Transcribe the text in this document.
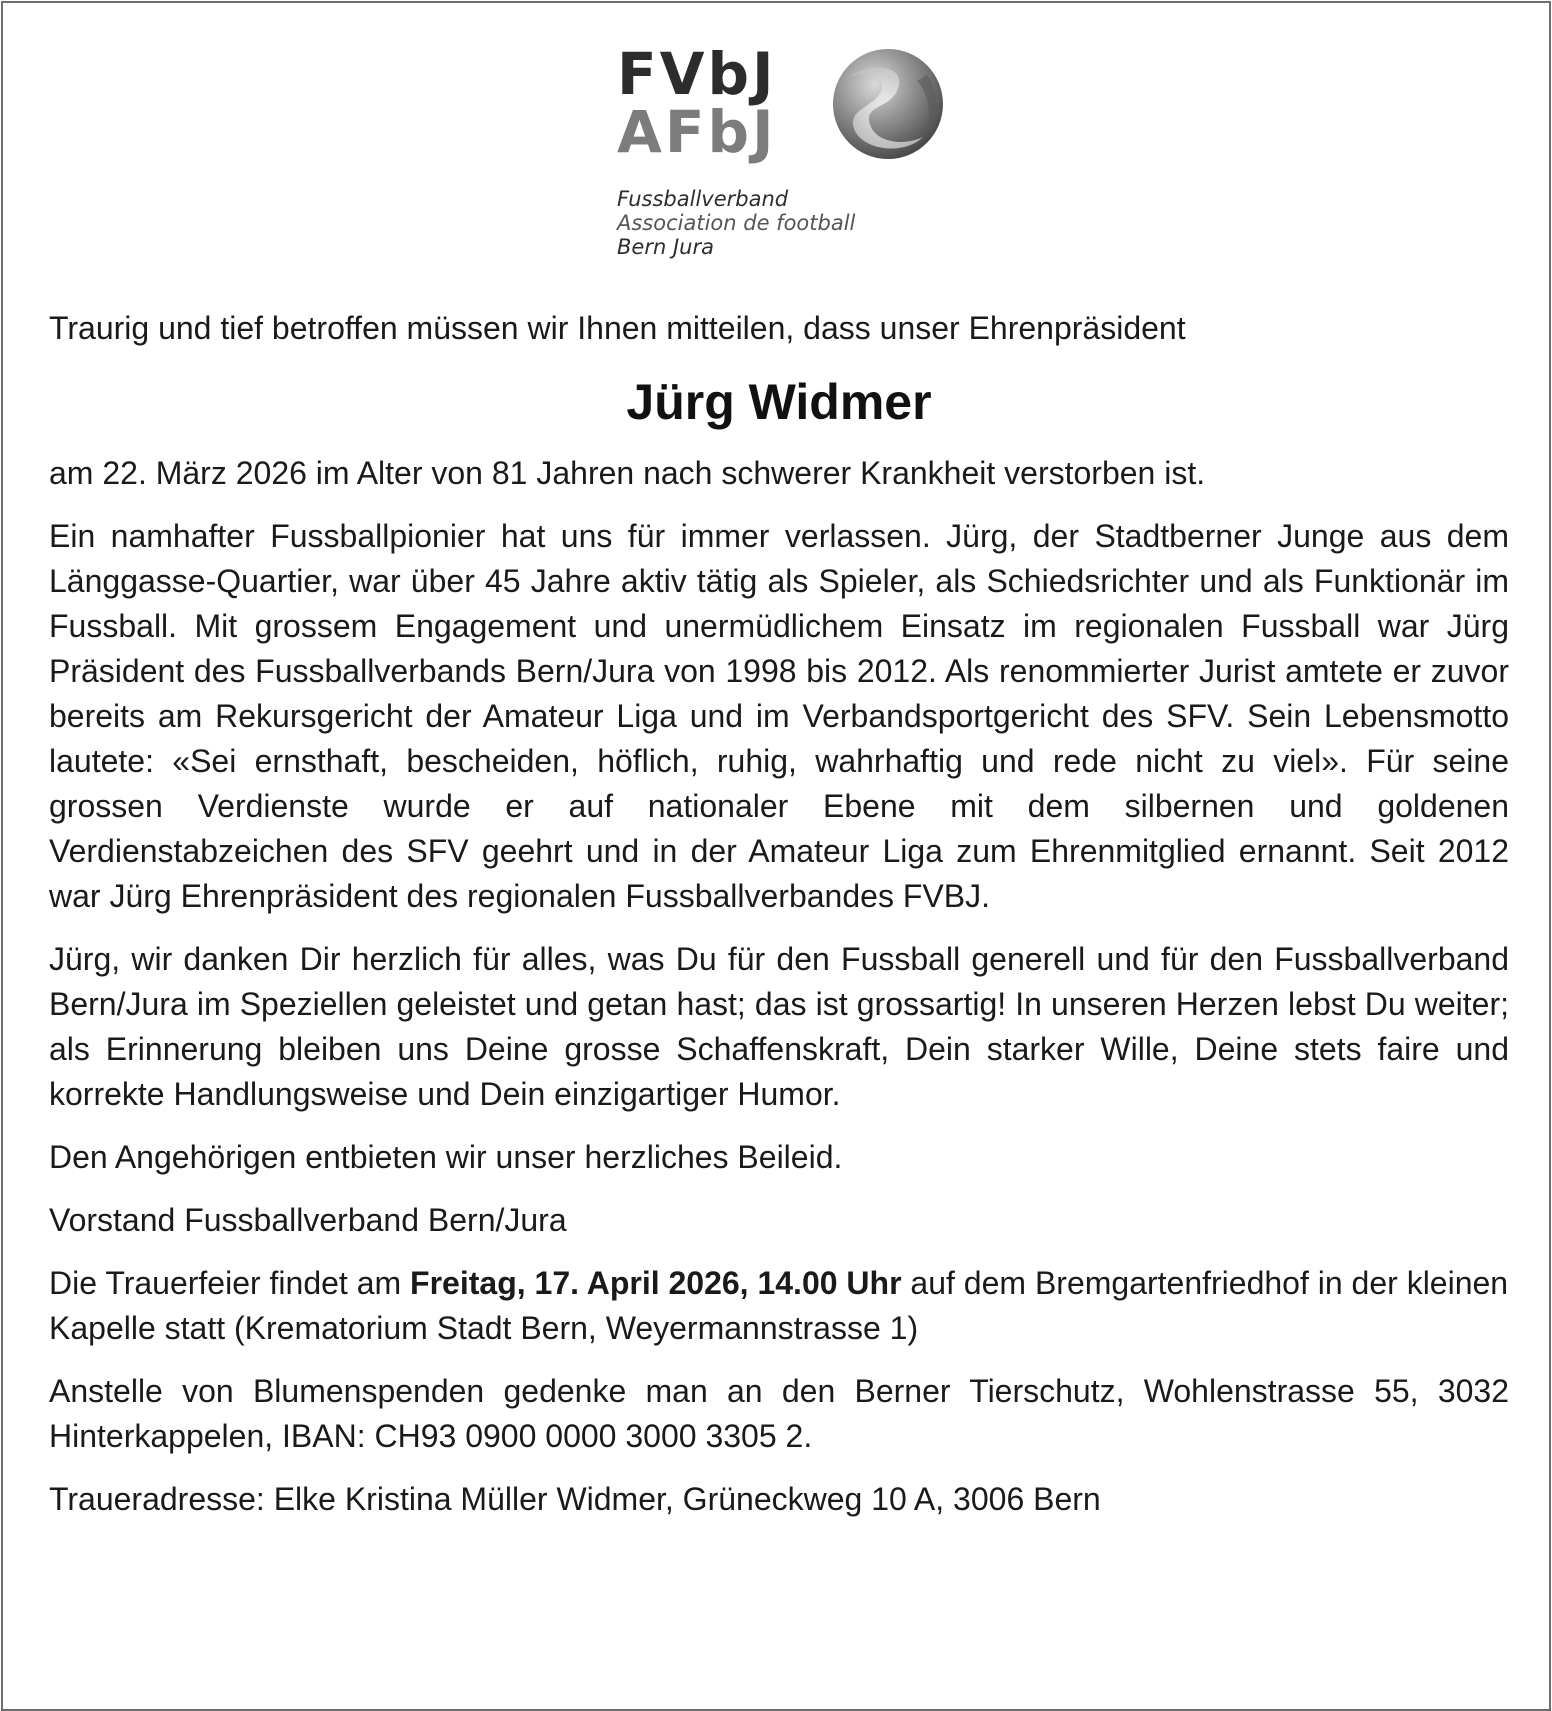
FVbJ
AFbJ
Fussballverband
Association de football
Bern Jura

Traurig und tief betroffen müssen wir Ihnen mitteilen, dass unser Ehrenpräsident

Jürg Widmer

am 22. März 2026 im Alter von 81 Jahren nach schwerer Krankheit verstorben ist.

Ein namhafter Fussballpionier hat uns für immer verlassen. Jürg, der Stadtberner Junge aus dem Länggasse-Quartier, war über 45 Jahre aktiv tätig als Spieler, als Schiedsrichter und als Funktionär im Fussball. Mit grossem Engagement und unermüdlichem Einsatz im regionalen Fussball war Jürg Präsident des Fussballverbands Bern/Jura von 1998 bis 2012. Als renommierter Jurist amtete er zuvor bereits am Rekursgericht der Amateur Liga und im Verbandsportgericht des SFV. Sein Lebensmotto lautete: «Sei ernsthaft, bescheiden, höflich, ruhig, wahrhaftig und rede nicht zu viel». Für seine grossen Verdienste wurde er auf nationaler Ebene mit dem silbernen und goldenen Verdienstabzeichen des SFV geehrt und in der Amateur Liga zum Ehrenmitglied ernannt. Seit 2012 war Jürg Ehrenpräsident des regionalen Fussballverbandes FVBJ.

Jürg, wir danken Dir herzlich für alles, was Du für den Fussball generell und für den Fussballverband Bern/Jura im Speziellen geleistet und getan hast; das ist grossartig! In unseren Herzen lebst Du weiter; als Erinnerung bleiben uns Deine grosse Schaffenskraft, Dein starker Wille, Deine stets faire und korrekte Handlungsweise und Dein einzigartiger Humor.

Den Angehörigen entbieten wir unser herzliches Beileid.

Vorstand Fussballverband Bern/Jura

Die Trauerfeier findet am Freitag, 17. April 2026, 14.00 Uhr auf dem Bremgartenfriedhof in der kleinen Kapelle statt (Krematorium Stadt Bern, Weyermannstrasse 1)

Anstelle von Blumenspenden gedenke man an den Berner Tierschutz, Wohlenstrasse 55, 3032 Hinterkappelen, IBAN: CH93 0900 0000 3000 3305 2.

Traueradresse: Elke Kristina Müller Widmer, Grüneckweg 10 A, 3006 Bern
